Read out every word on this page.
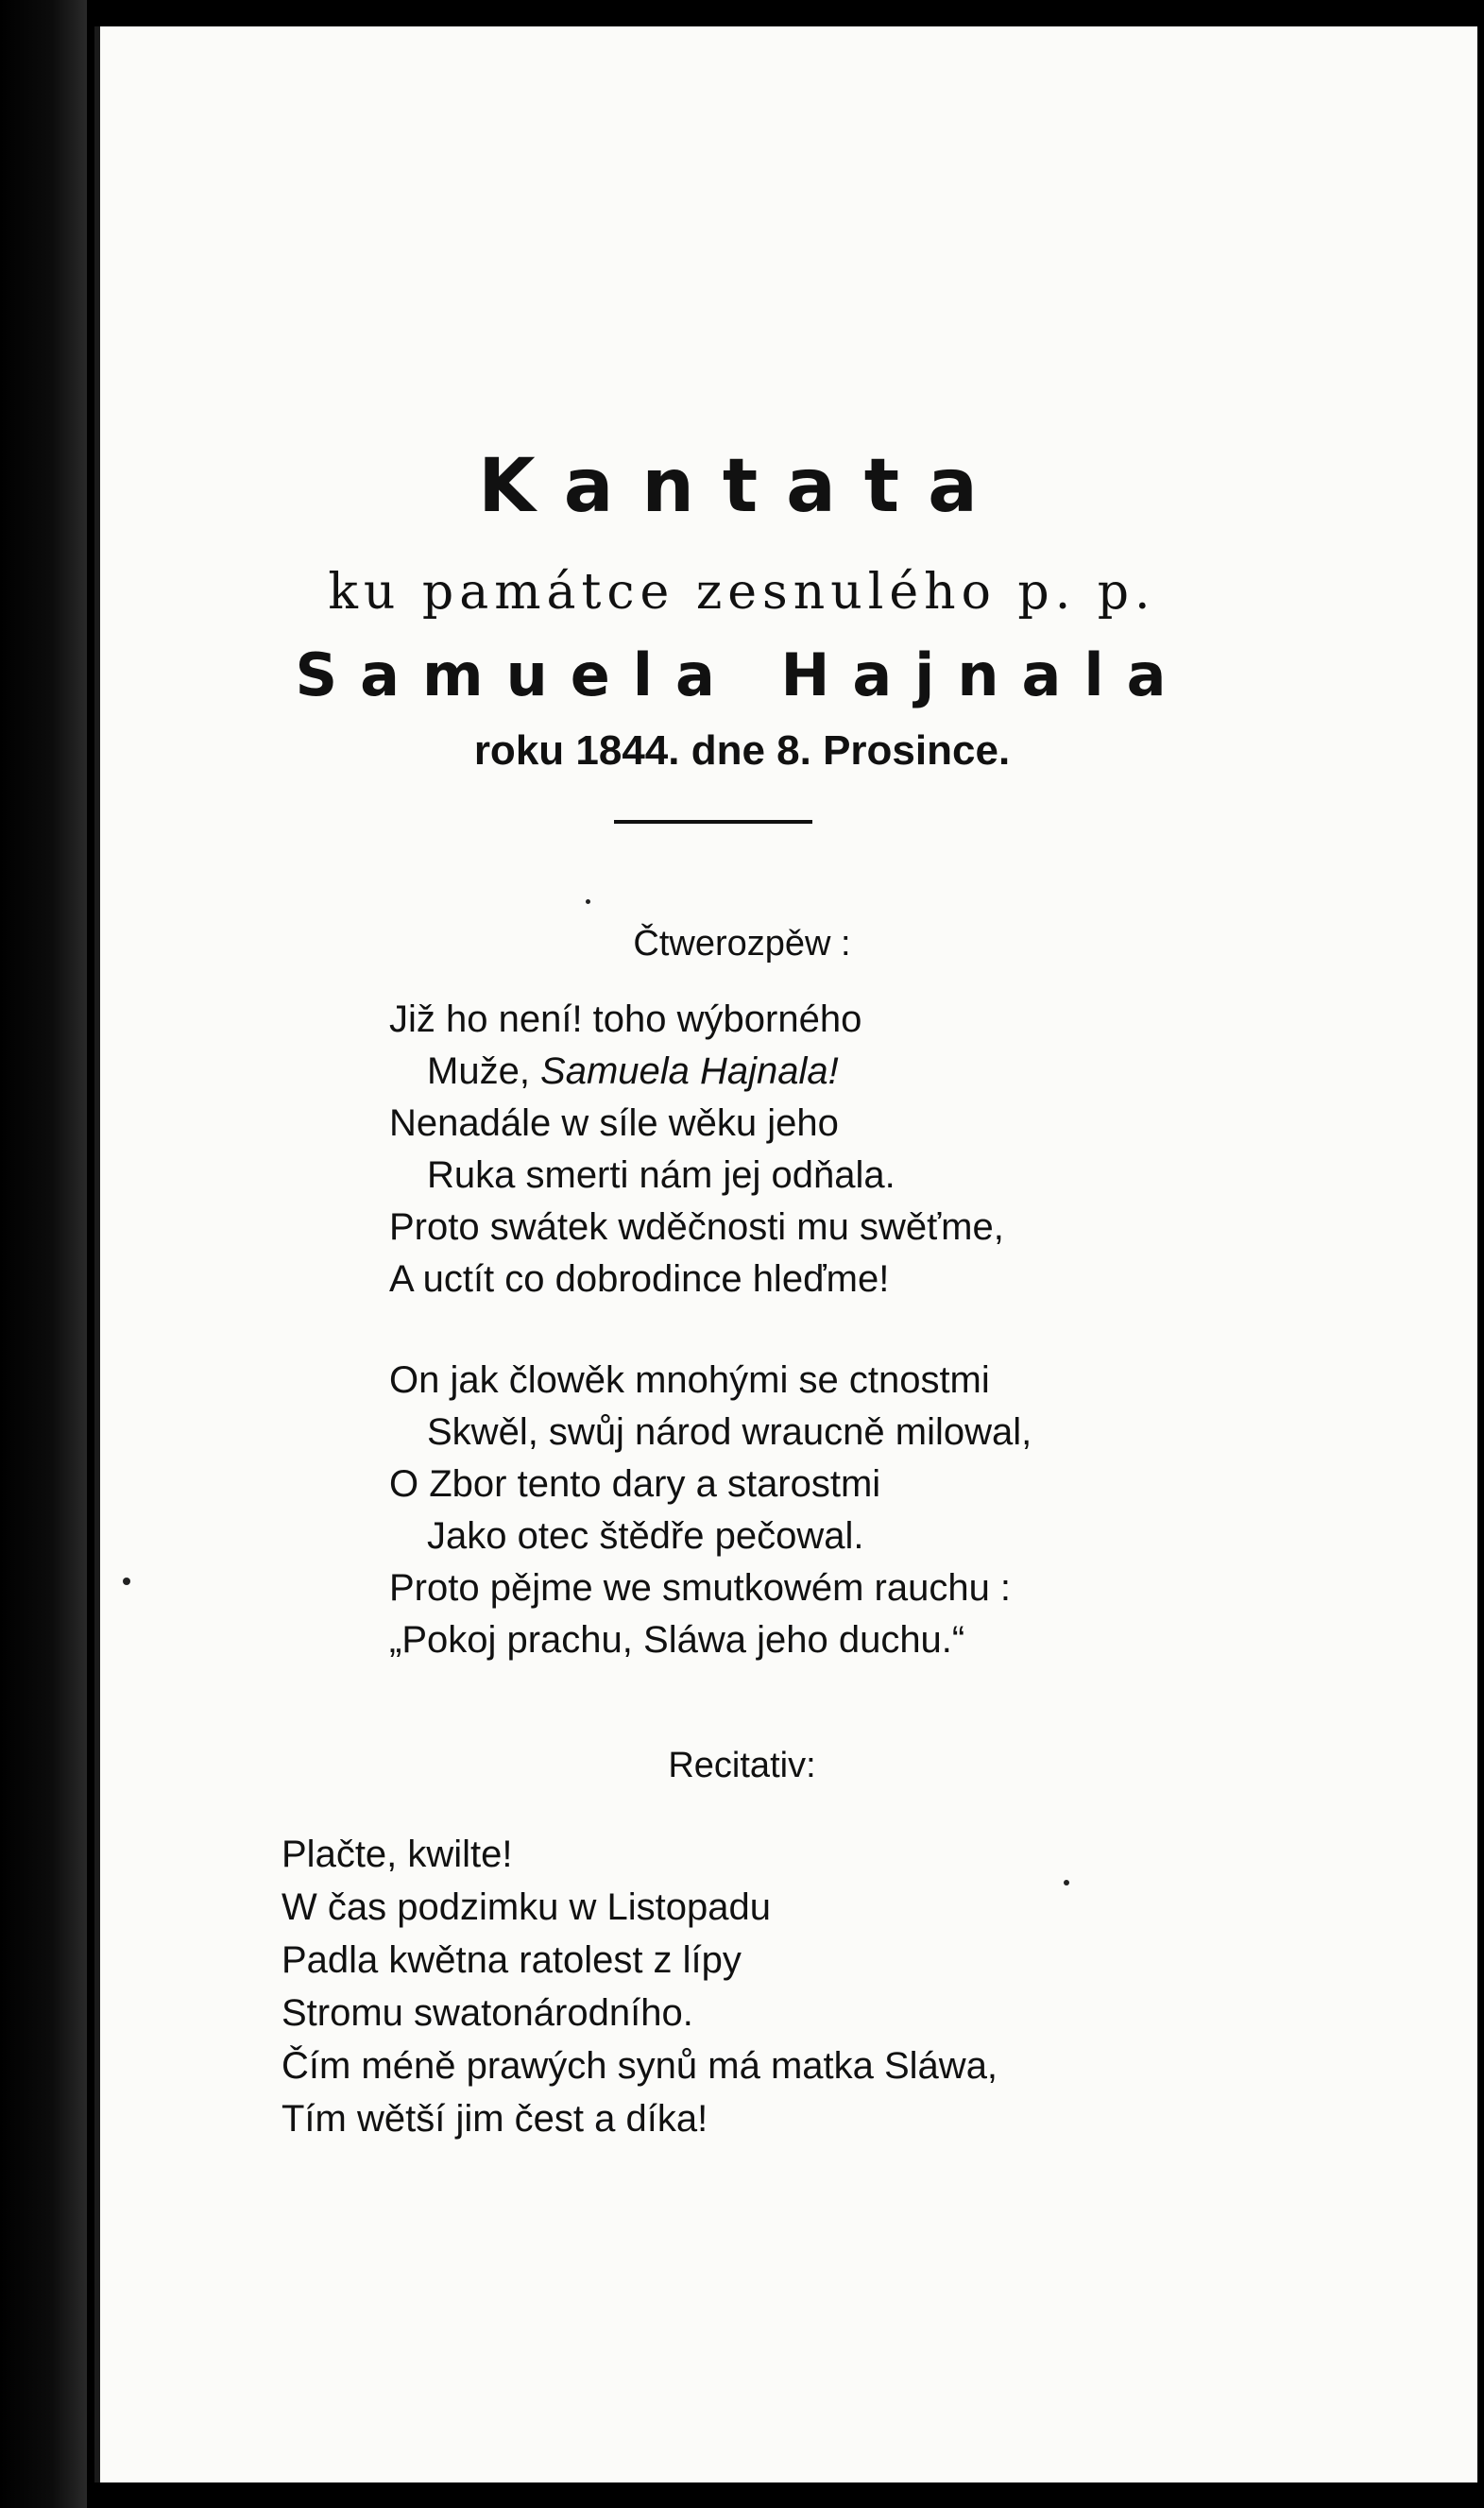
Kantata

ku památce zesnulého p. p.

Samuela Hajnala

roku 1844. dne 8. Prosince.

Čtwerozpěw :

Již ho není! toho wýborného
Muže, Samuela Hajnala!
Nenadále w síle wěku jeho
Ruka smerti nám jej odňala.
Proto swátek wděčnosti mu swěťme,
A uctít co dobrodince hleďme!
On jak člowěk mnohými se ctnostmi
Skwěl, swůj národ wraucně milowal,
O Zbor tento dary a starostmi
Jako otec štědře pečowal.
Proto pějme we smutkowém rauchu :
„Pokoj prachu, Sláwa jeho duchu.“

Recitativ:

Plačte, kwilte!
W čas podzimku w Listopadu
Padla kwětna ratolest z lípy
Stromu swatonárodního.
Čím méně prawých synů má matka Sláwa,
Tím wětší jim čest a díka!
